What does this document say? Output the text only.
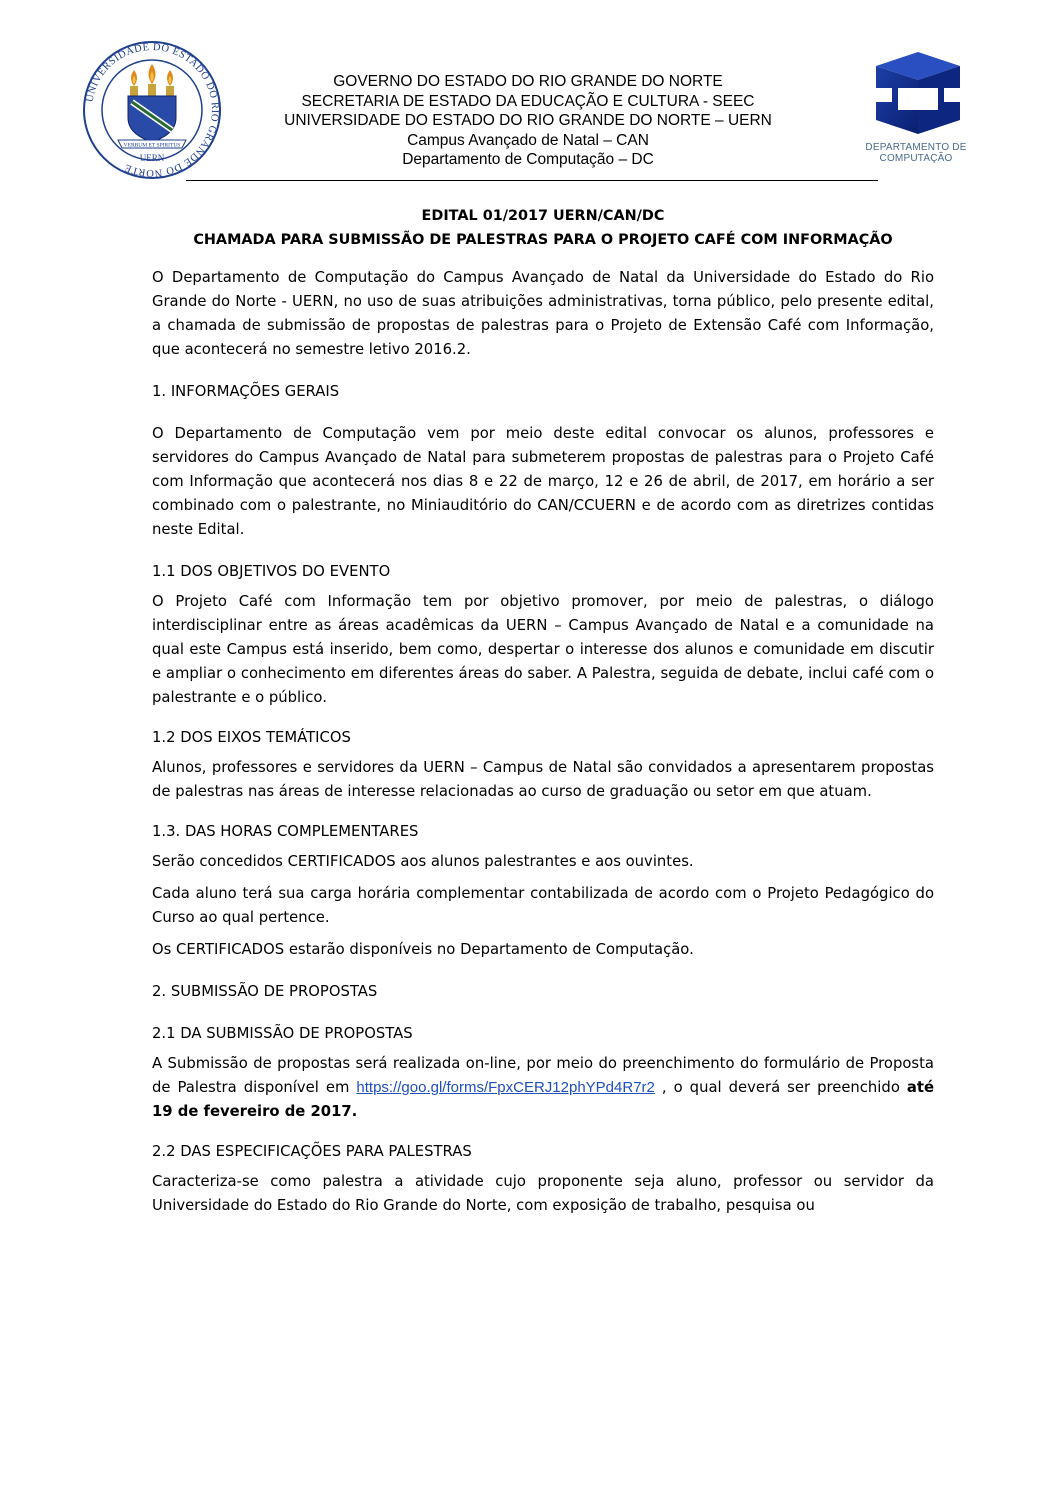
UNIVERSIDADE DO ESTADO DO RIO GRANDE DO NORTE
VERBUM ET SPIRITUS
UERN
GOVERNO DO ESTADO DO RIO GRANDE DO NORTE
SECRETARIA DE ESTADO DA EDUCAÇÃO E CULTURA - SEEC
UNIVERSIDADE DO ESTADO DO RIO GRANDE DO NORTE – UERN
Campus Avançado de Natal – CAN
Departamento de Computação – DC
DEPARTAMENTO DE COMPUTAÇÃO
EDITAL 01/2017 UERN/CAN/DC
CHAMADA PARA SUBMISSÃO DE PALESTRAS PARA O PROJETO CAFÉ COM INFORMAÇÃO

O Departamento de Computação do Campus Avançado de Natal da Universidade do Estado do Rio Grande do Norte - UERN, no uso de suas atribuições administrativas, torna público, pelo presente edital, a chamada de submissão de propostas de palestras para o Projeto de Extensão Café com Informação, que acontecerá no semestre letivo 2016.2.

1. INFORMAÇÕES GERAIS

O Departamento de Computação vem por meio deste edital convocar os alunos, professores e servidores do Campus Avançado de Natal para submeterem propostas de palestras para o Projeto Café com Informação que acontecerá nos dias 8 e 22 de março, 12 e 26 de abril, de 2017, em horário a ser combinado com o palestrante, no Miniauditório do CAN/CCUERN e de acordo com as diretrizes contidas neste Edital.

1.1 DOS OBJETIVOS DO EVENTO

O Projeto Café com Informação tem por objetivo promover, por meio de palestras, o diálogo interdisciplinar entre as áreas acadêmicas da UERN – Campus Avançado de Natal e a comunidade na qual este Campus está inserido, bem como, despertar o interesse dos alunos e comunidade em discutir e ampliar o conhecimento em diferentes áreas do saber. A Palestra, seguida de debate, inclui café com o palestrante e o público.

1.2 DOS EIXOS TEMÁTICOS

Alunos, professores e servidores da UERN – Campus de Natal são convidados a apresentarem propostas de palestras nas áreas de interesse relacionadas ao curso de graduação ou setor em que atuam.

1.3. DAS HORAS COMPLEMENTARES

Serão concedidos CERTIFICADOS aos alunos palestrantes e aos ouvintes.

Cada aluno terá sua carga horária complementar contabilizada de acordo com o Projeto Pedagógico do Curso ao qual pertence.

Os CERTIFICADOS estarão disponíveis no Departamento de Computação.

2. SUBMISSÃO DE PROPOSTAS
2.1 DA SUBMISSÃO DE PROPOSTAS

A Submissão de propostas será realizada on-line, por meio do preenchimento do formulário de Proposta de Palestra disponível em https://goo.gl/forms/FpxCERJ12phYPd4R7r2 , o qual deverá ser preenchido até 19 de fevereiro de 2017.

2.2 DAS ESPECIFICAÇÕES PARA PALESTRAS

Caracteriza-se como palestra a atividade cujo proponente seja aluno, professor ou servidor da Universidade do Estado do Rio Grande do Norte, com exposição de trabalho, pesquisa ou
